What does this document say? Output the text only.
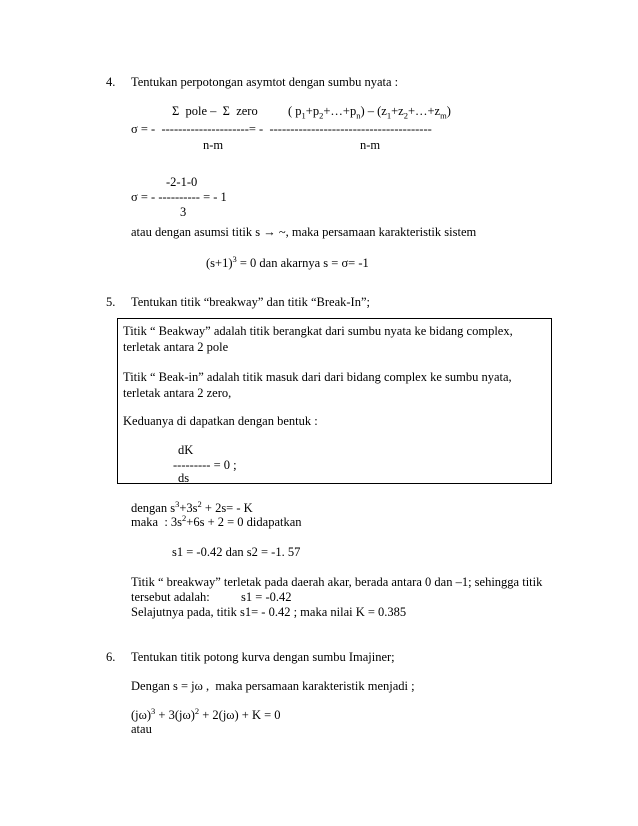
4. Tentukan perpotongan asymtot dengan sumbu nyata :
Σ  pole –  Σ  zero ( $p_1+p_2+\dots+p_n$) – $(z_1+z_2+\dots+z_m)$
σ = -  ---------------------= -  ---------------------------------------
n-m	n-m
-2-1-0
σ = - ---------- = - 1
3
atau dengan asumsi titik s → ~, maka persamaan karakteristik sistem
$(s+1)^3 = 0$ dan akarnya s = σ= -1
5. Tentukan titik “breakway” dan titik “Break-In”;
Titik “ Beakway” adalah titik berangkat dari sumbu nyata ke bidang complex,
terletak antara 2 pole
Titik “ Beak-in” adalah titik masuk dari dari bidang complex ke sumbu nyata,
terletak antara 2 zero,
Keduanya di dapatkan dengan bentuk :
dK
--------- = 0 ;
ds
dengan $s^3+3s^2 + 2s= - K$
maka  : $3s^2+6s + 2 = 0$ didapatkan
s1 = -0.42 dan s2 = -1. 57
Titik “ breakway” terletak pada daerah akar, berada antara 0 dan –1; sehingga titik
tersebut adalah:          s1 = -0.42
Selajutnya pada, titik s1= - 0.42 ; maka nilai K = 0.385
6. Tentukan titik potong kurva dengan sumbu Imajiner;
Dengan s = jω ,  maka persamaan karakteristik menjadi ;
$(j\omega)^3 + 3(j\omega)^2 + 2(j\omega) + K = 0$
atau
